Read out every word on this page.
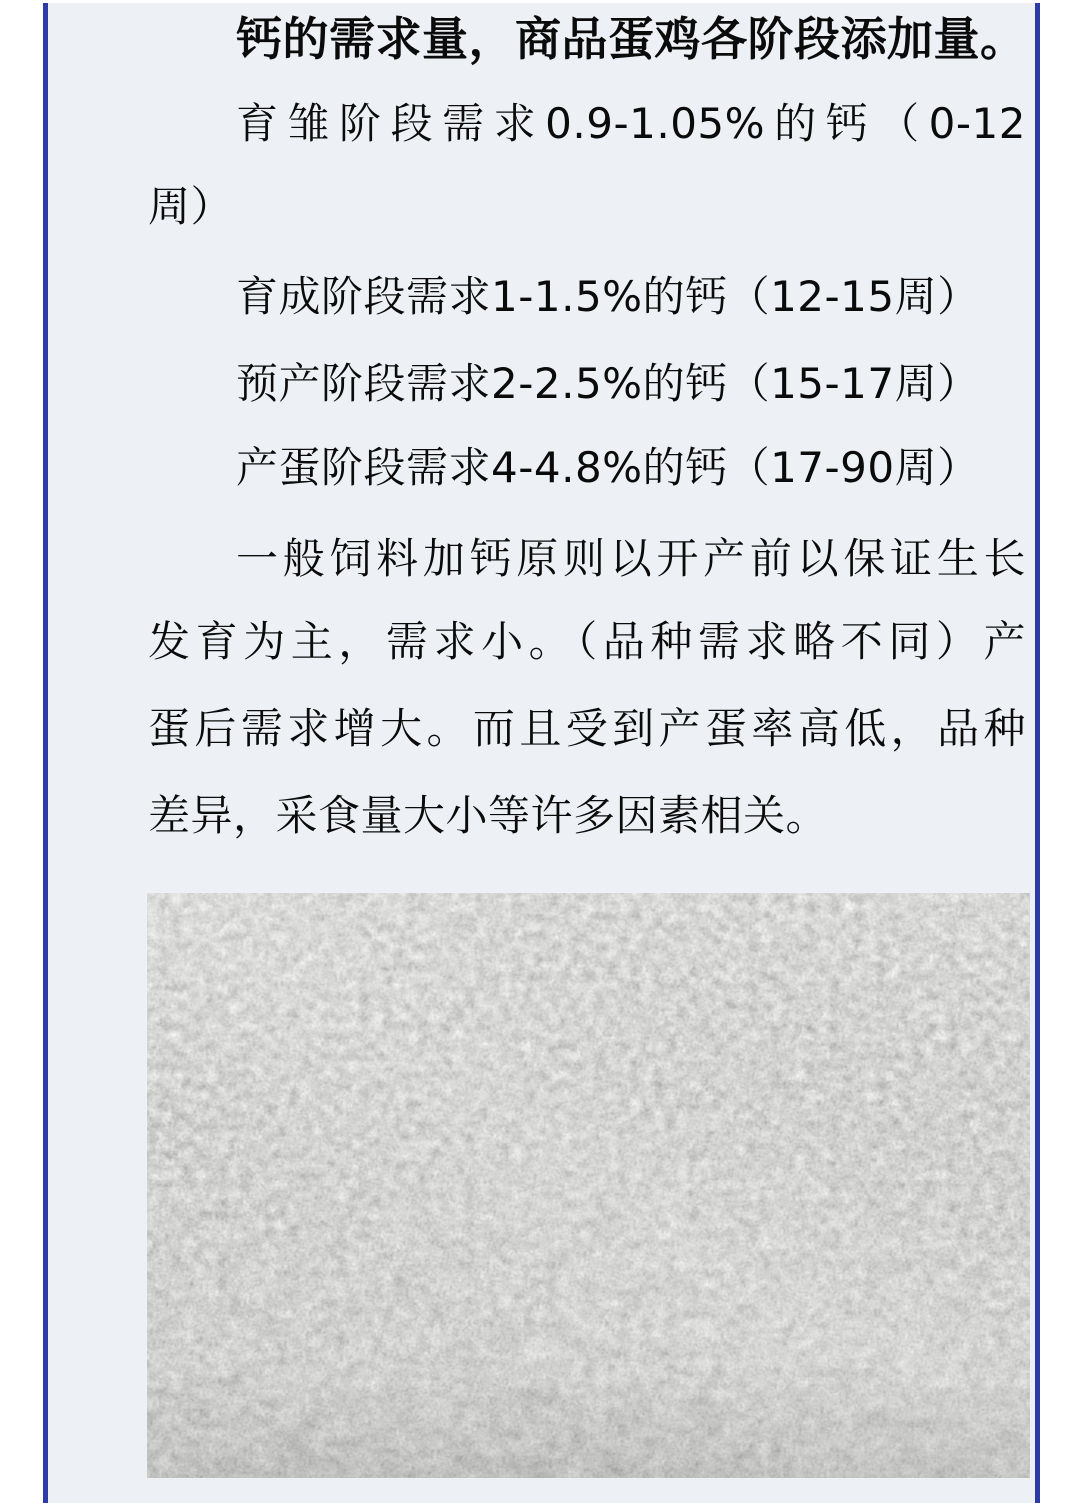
钙的需求量，商品蛋鸡各阶段添加量。
育雏阶段需求0.9-1.05%的钙（0-12
周）
育成阶段需求1-1.5%的钙（12-15周）
预产阶段需求2-2.5%的钙（15-17周）
产蛋阶段需求4-4.8%的钙（17-90周）
一般饲料加钙原则以开产前以保证生长
发育为主，需求小。（品种需求略不同）产
蛋后需求增大。而且受到产蛋率高低，品种
差异，采食量大小等许多因素相关。
